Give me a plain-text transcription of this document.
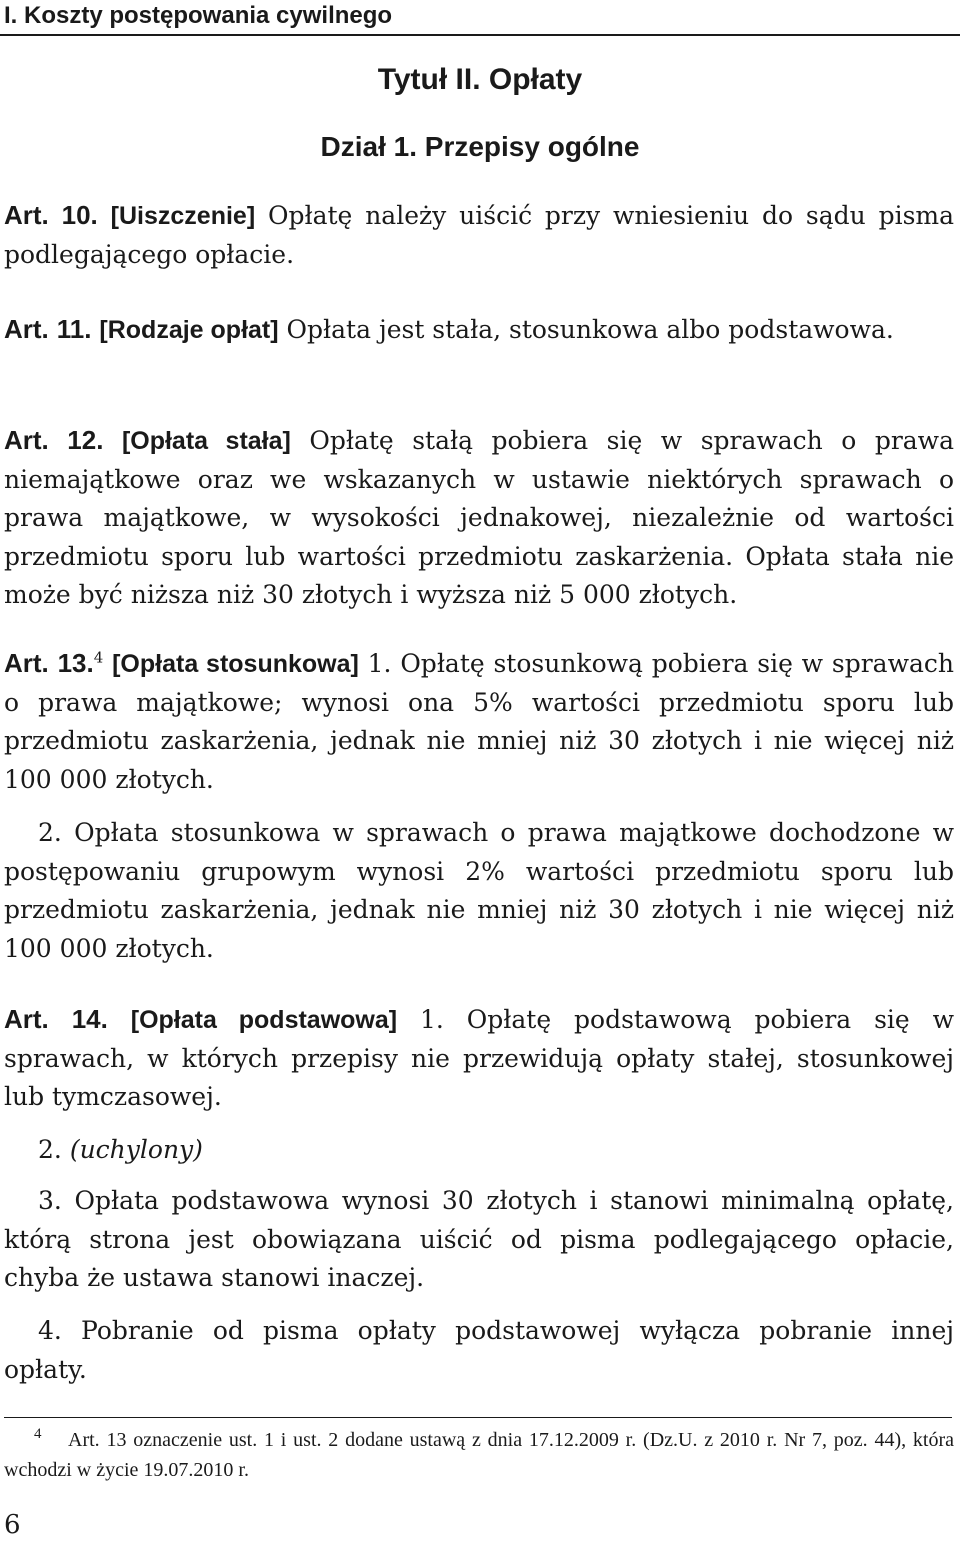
I. Koszty postępowania cywilnego
Tytuł II. Opłaty
Dział 1. Przepisy ogólne

Art. 10. [Uiszczenie] Opłatę należy uiścić przy wniesieniu do sądu pisma podlegającego opłacie.

Art. 11. [Rodzaje opłat] Opłata jest stała, stosunkowa albo podstawowa.

Art. 12. [Opłata stała] Opłatę stałą pobiera się w sprawach o prawa niemajątkowe oraz we wskazanych w ustawie niektórych sprawach o prawa majątkowe, w wysokości jednakowej, niezależnie od wartości przedmiotu sporu lub wartości przedmiotu zaskarżenia. Opłata stała nie może być niższa niż 30 złotych i wyższa niż 5 000 złotych.

Art. 13.$^4$ [Opłata stosunkowa] 1. Opłatę stosunkową pobiera się w sprawach o prawa majątkowe; wynosi ona 5% wartości przedmiotu sporu lub przedmiotu zaskarżenia, jednak nie mniej niż 30 złotych i nie więcej niż 100 000 złotych.

2. Opłata stosunkowa w sprawach o prawa majątkowe dochodzone w postępowaniu grupowym wynosi 2% wartości przedmiotu sporu lub przedmiotu zaskarżenia, jednak nie mniej niż 30 złotych i nie więcej niż 100 000 złotych.

Art. 14. [Opłata podstawowa] 1. Opłatę podstawową pobiera się w sprawach, w których przepisy nie przewidują opłaty stałej, stosunkowej lub tymczasowej.

2. (uchylony)

3. Opłata podstawowa wynosi 30 złotych i stanowi minimalną opłatę, którą strona jest obowiązana uiścić od pisma podlegającego opłacie, chyba że ustawa stanowi inaczej.

4. Pobranie od pisma opłaty podstawowej wyłącza pobranie innej opłaty.

$^4$ Art. 13 oznaczenie ust. 1 i ust. 2 dodane ustawą z dnia 17.12.2009 r. (Dz.U. z 2010 r. Nr 7, poz. 44), która wchodzi w życie 19.07.2010 r.
6
